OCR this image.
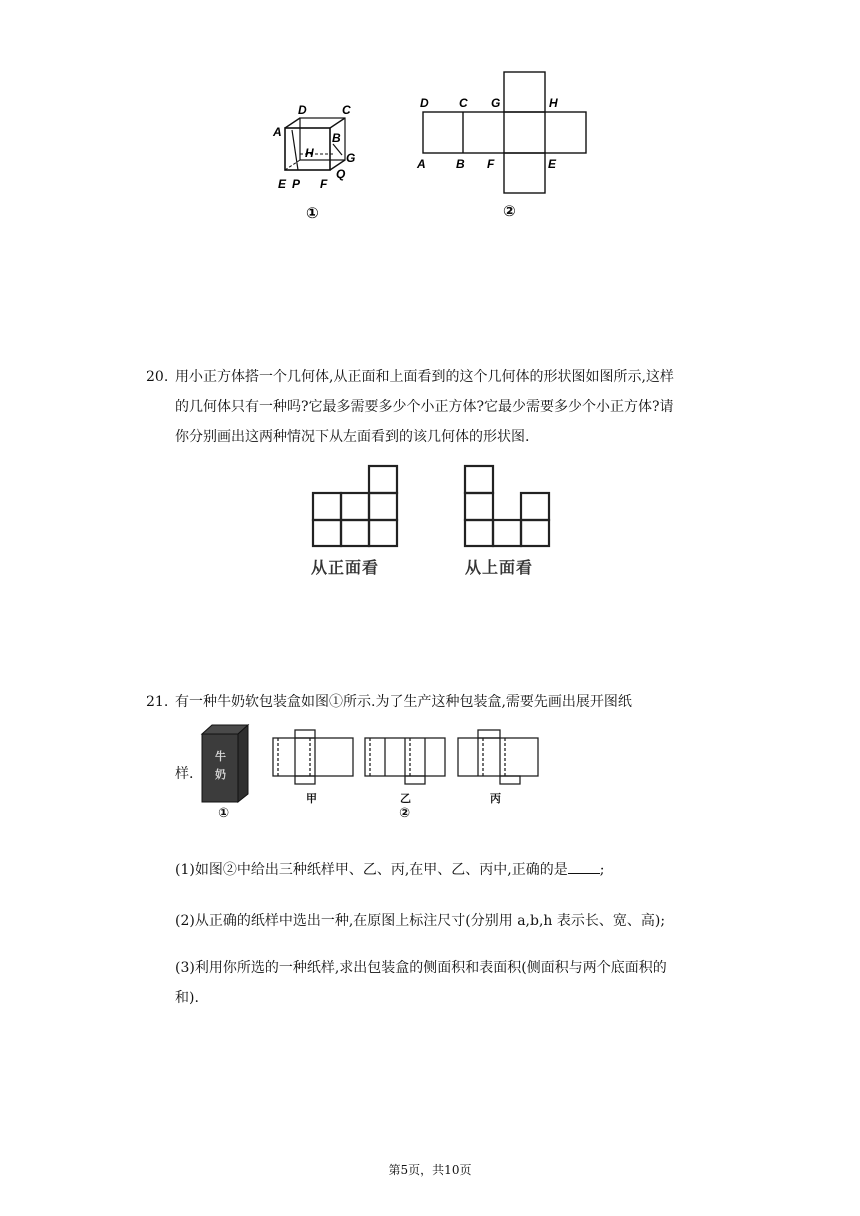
D	C
A	B
H	G
E P F
Q
①
D	C G	H
A	B F	E
②
20. 用小正方体搭一个几何体,从正面和上面看到的这个几何体的形状图如图所示,这样
的几何体只有一种吗?它最多需要多少个小正方体?它最少需要多少个小正方体?请
你分别画出这两种情况下从左面看到的该几何体的形状图.
从正面看	从上面看
21. 有一种牛奶软包装盒如图①所示.为了生产这种包装盒,需要先画出展开图纸
样.
牛
奶
①
甲	乙
②
丙
(1)如图②中给出三种纸样甲、乙、丙,在甲、乙、丙中,正确的是 ;
(2)从正确的纸样中选出一种,在原图上标注尺寸(分别用 a,b,h 表示长、宽、高);
(3)利用你所选的一种纸样,求出包装盒的侧面积和表面积(侧面积与两个底面积的
和).
第5页，共10页
